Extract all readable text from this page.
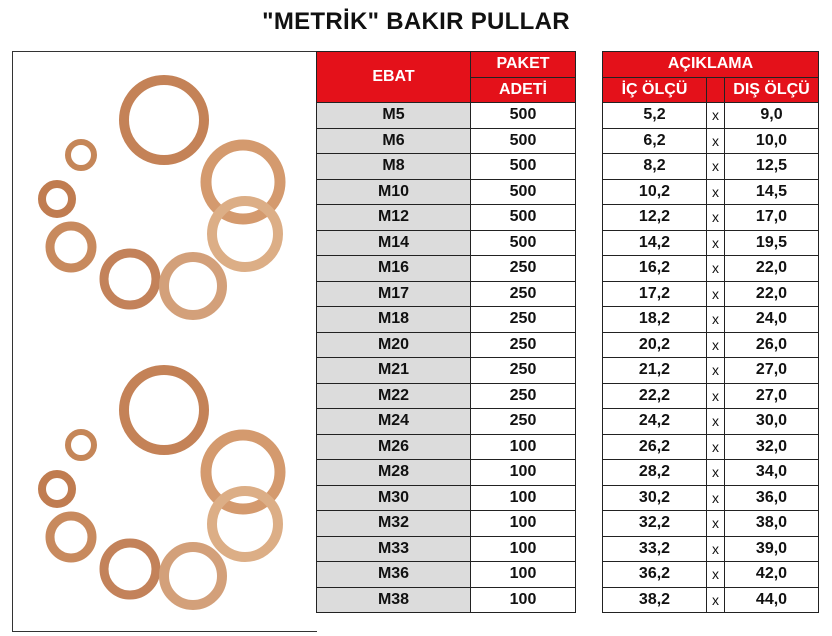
"METRİK" BAKIR PULLAR
EBAT	PAKET
	ADETİ
M5	500
M6	500
M8	500
M10	500
M12	500
M14	500
M16	250
M17	250
M18	250
M20	250
M21	250
M22	250
M24	250
M26	100
M28	100
M30	100
M32	100
M33	100
M36	100
M38	100
AÇIKLAMA		
İÇ ÖLÇÜ		DIŞ ÖLÇÜ
5,2	x	9,0
6,2	x	10,0
8,2	x	12,5
10,2	x	14,5
12,2	x	17,0
14,2	x	19,5
16,2	x	22,0
17,2	x	22,0
18,2	x	24,0
20,2	x	26,0
21,2	x	27,0
22,2	x	27,0
24,2	x	30,0
26,2	x	32,0
28,2	x	34,0
30,2	x	36,0
32,2	x	38,0
33,2	x	39,0
36,2	x	42,0
38,2	x	44,0
